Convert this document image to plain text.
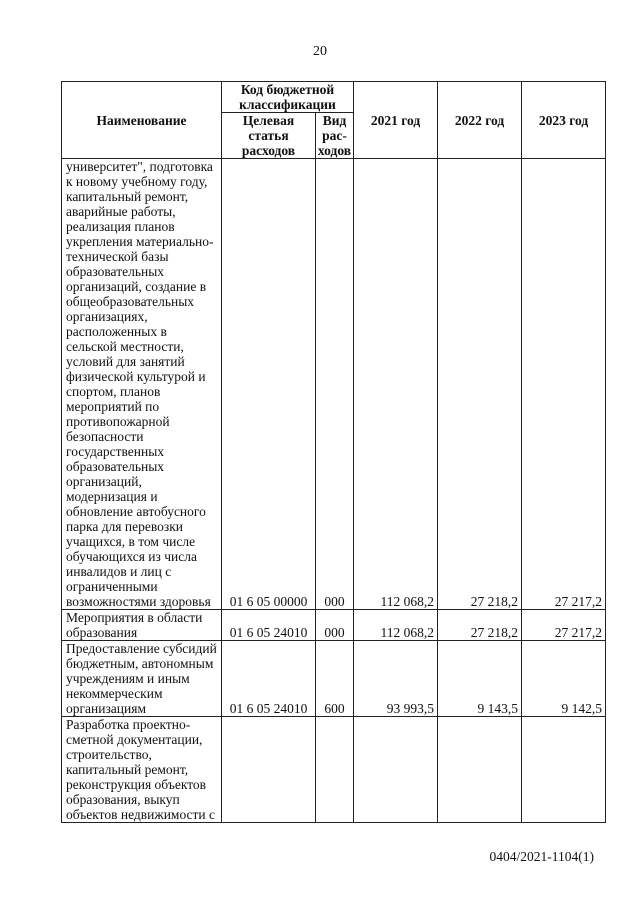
20
Наименование	Код бюджетной классификации		2021 год	2022 год	2023 год
	Целевая статья расходов	Вид рас- ходов			
университет", подготовка к новому учебному году, капитальный ремонт, аварийные работы, реализация планов укрепления материально-технической базы образовательных организаций, создание в общеобразовательных организациях, расположенных в сельской местности, условий для занятий физической культурой и спортом, планов мероприятий по противопожарной безопасности государственных образовательных организаций, модернизация и обновление автобусного парка для перевозки учащихся, в том числе обучающихся из числа инвалидов и лиц с ограниченными возможностями здоровья	01 6 05 00000	000	112 068,2	27 218,2	27 217,2
Мероприятия в области образования	01 6 05 24010	000	112 068,2	27 218,2	27 217,2
Предоставление субсидий бюджетным, автономным учреждениям и иным некоммерческим организациям	01 6 05 24010	600	93 993,5	9 143,5	9 142,5
Разработка проектно-сметной документации, строительство, капитальный ремонт, реконструкция объектов образования, выкуп объектов недвижимости с					
0404/2021-1104(1)
